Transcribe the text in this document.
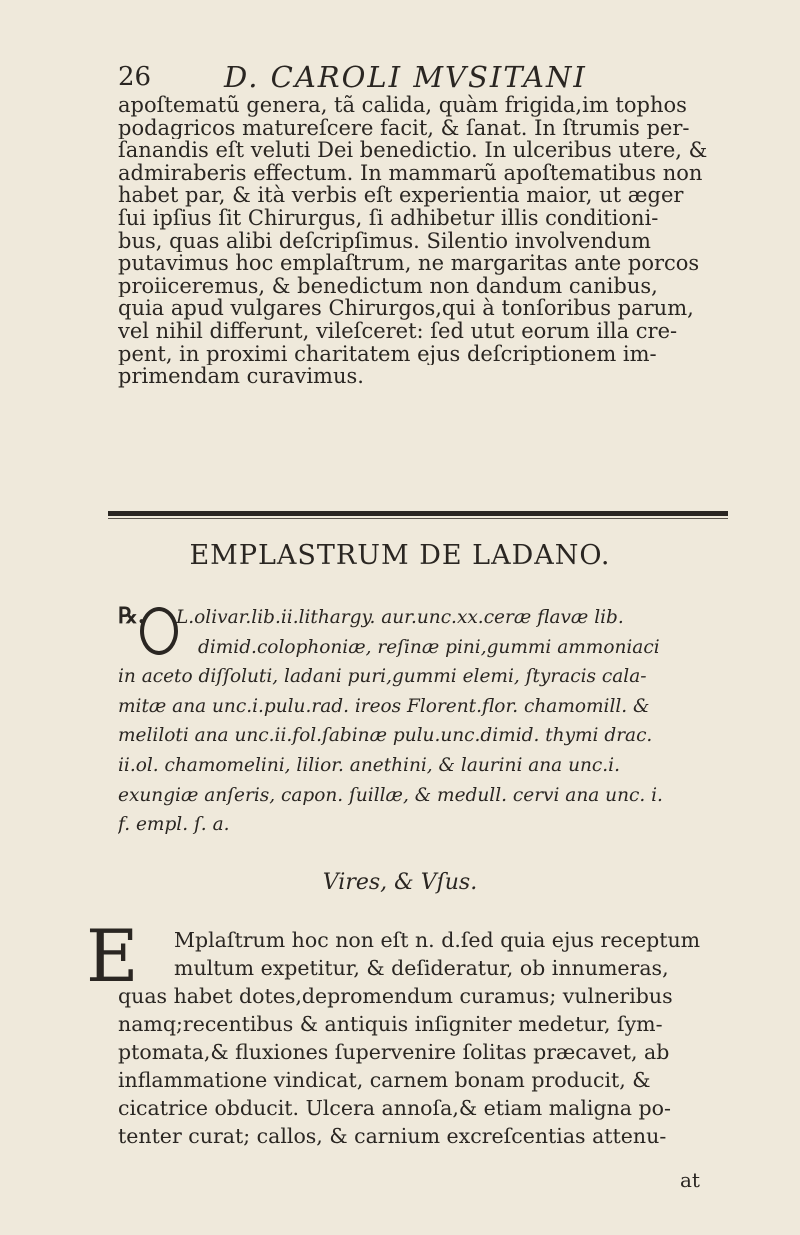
26	D. CAROLI MVSITANI
apoſtematũ genera, tã calida, quàm frigida,im tophos
podagricos matureſcere facit, & ſanat. In ſtrumis per-
ſanandis eſt veluti Dei benedictio. In ulceribus utere, &
admiraberis effectum. In mammarũ apoſtematibus non
habet par, & ità verbis eſt experientia maior, ut æger
ſui ipſius ſit Chirurgus, ſi adhibetur illis conditioni-
bus, quas alibi deſcripſimus. Silentio involvendum
putavimus hoc emplaſtrum, ne margaritas ante porcos
proiiceremus, & benedictum non dandum canibus,
quia apud vulgares Chirurgos,qui à tonſoribus parum,
vel nihil differunt, vileſceret: ſed utut eorum illa cre-
pent, in proximi charitatem ejus deſcriptionem im-
primendam curavimus.
EMPLASTRUM DE LADANO.
℞. L.olivar.lib.ii.lithargy. aur.unc.xx.ceræ flavæ lib.
dimid.colophoniæ, reſinæ pini,gummi ammoniaci
in aceto diſſoluti, ladani puri,gummi elemi, ſtyracis cala-
mitæ ana unc.i.pulu.rad. ireos Florent.flor. chamomill. &
meliloti ana unc.ii.fol.ſabinæ pulu.unc.dimid. thymi drac.
ii.ol. chamomelini, lilior. anethini, & laurini ana unc.i.
exungiæ anſeris, capon. ſuillæ, & medull. cervi ana unc. i.
f. empl. ſ. a.
Vires, & Vſus.
E Mplaſtrum hoc non eſt n. d.ſed quia ejus receptum
multum expetitur, & deſideratur, ob innumeras,
quas habet dotes,depromendum curamus; vulneribus
namq;recentibus & antiquis inſigniter medetur, ſym-
ptomata,& fluxiones ſupervenire ſolitas præcavet, ab
inflammatione vindicat, carnem bonam producit, &
cicatrice obducit. Ulcera annoſa,& etiam maligna po-
tenter curat; callos, & carnium excreſcentias attenu-
at
